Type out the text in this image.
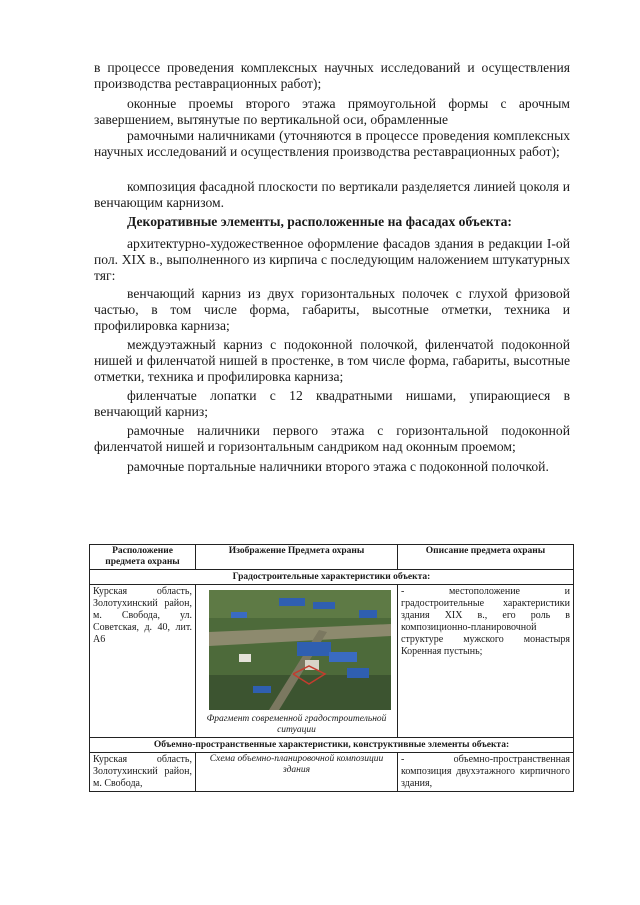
в процессе проведения комплексных научных исследований и осуществления производства реставрационных работ);

оконные проемы второго этажа прямоугольной формы с арочным завершением, вытянутые по вертикальной оси, обрамленные

рамочными наличниками (уточняются в процессе проведения комплексных научных исследований и осуществления производства реставрационных работ);

композиция фасадной плоскости по вертикали разделяется линией цоколя и венчающим карнизом.

Декоративные элементы, расположенные на фасадах объекта:

архитектурно-художественное оформление фасадов здания в редакции I-ой пол. XIX в., выполненного из кирпича с последующим наложением штукатурных тяг:

венчающий карниз из двух горизонтальных полочек с глухой фризовой частью, в том числе форма, габариты, высотные отметки, техника и профилировка карниза;

междуэтажный карниз с подоконной полочкой, филенчатой подоконной нишей и филенчатой нишей в простенке, в том числе форма, габариты, высотные отметки, техника и профилировка карниза;

филенчатые лопатки с 12 квадратными нишами, упирающиеся в венчающий карниз;

рамочные наличники первого этажа с горизонтальной подоконной филенчатой нишей и горизонтальным сандриком над оконным проемом;

рамочные портальные наличники второго этажа с подоконной полочкой.

Расположение предмета охраны	Изображение Предмета охраны	Описание предмета охраны
Градостроительные характеристики объекта:		
Курская область, Золотухинский район, м. Свобода, ул. Советская, д. 40, лит. А6	Фрагмент современной градостроительной ситуации	- местоположение и градостроительные характеристики здания XIX в., его роль в композиционно-планировочной структуре мужского монастыря Коренная пустынь;
Объемно-пространственные характеристики, конструктивные элементы объекта:		
Курская область, Золотухинский район, м. Свобода,	Схема объемно-планировочной композиции здания	- объемно-пространственная композиция двухэтажного кирпичного здания,
